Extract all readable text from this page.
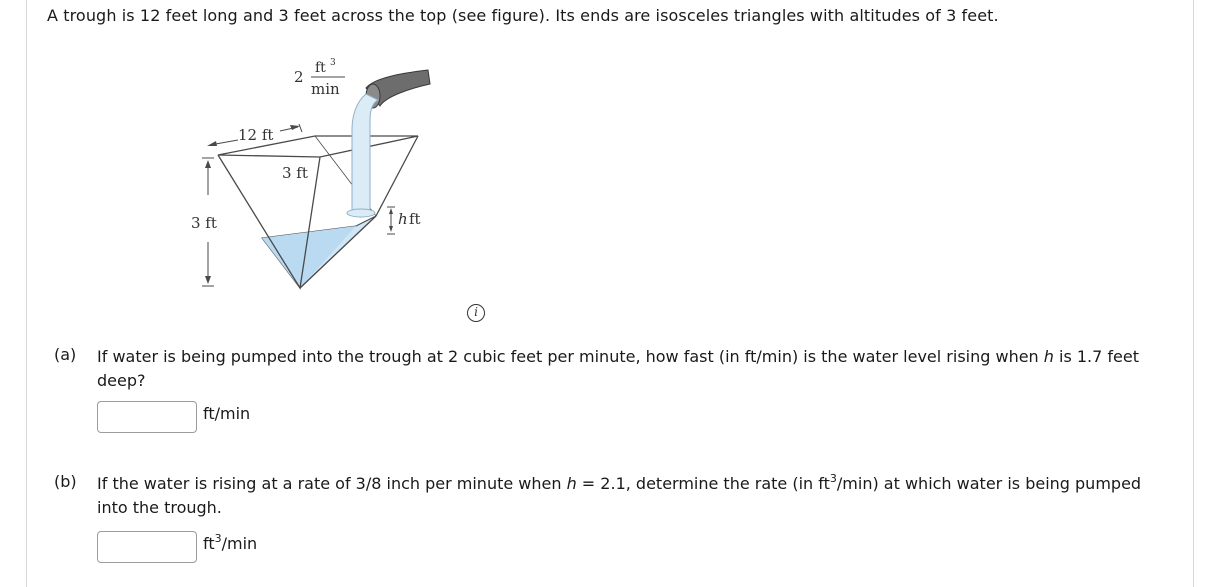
A trough is 12 feet long and 3 feet across the top (see figure). Its ends are isosceles triangles with altitudes of 3 feet.
12 ft
3 ft
3 ft	h ft
2 ft 3
min
i
(a) If water is being pumped into the trough at 2 cubic feet per minute, how fast (in ft/min) is the water level rising when h is 1.7 feet deep?
ft/min
(b) If the water is rising at a rate of 3/8 inch per minute when h = 2.1, determine the rate (in $ft^3/\min$) at which water is being pumped into the trough.
$ft^3/\min$
